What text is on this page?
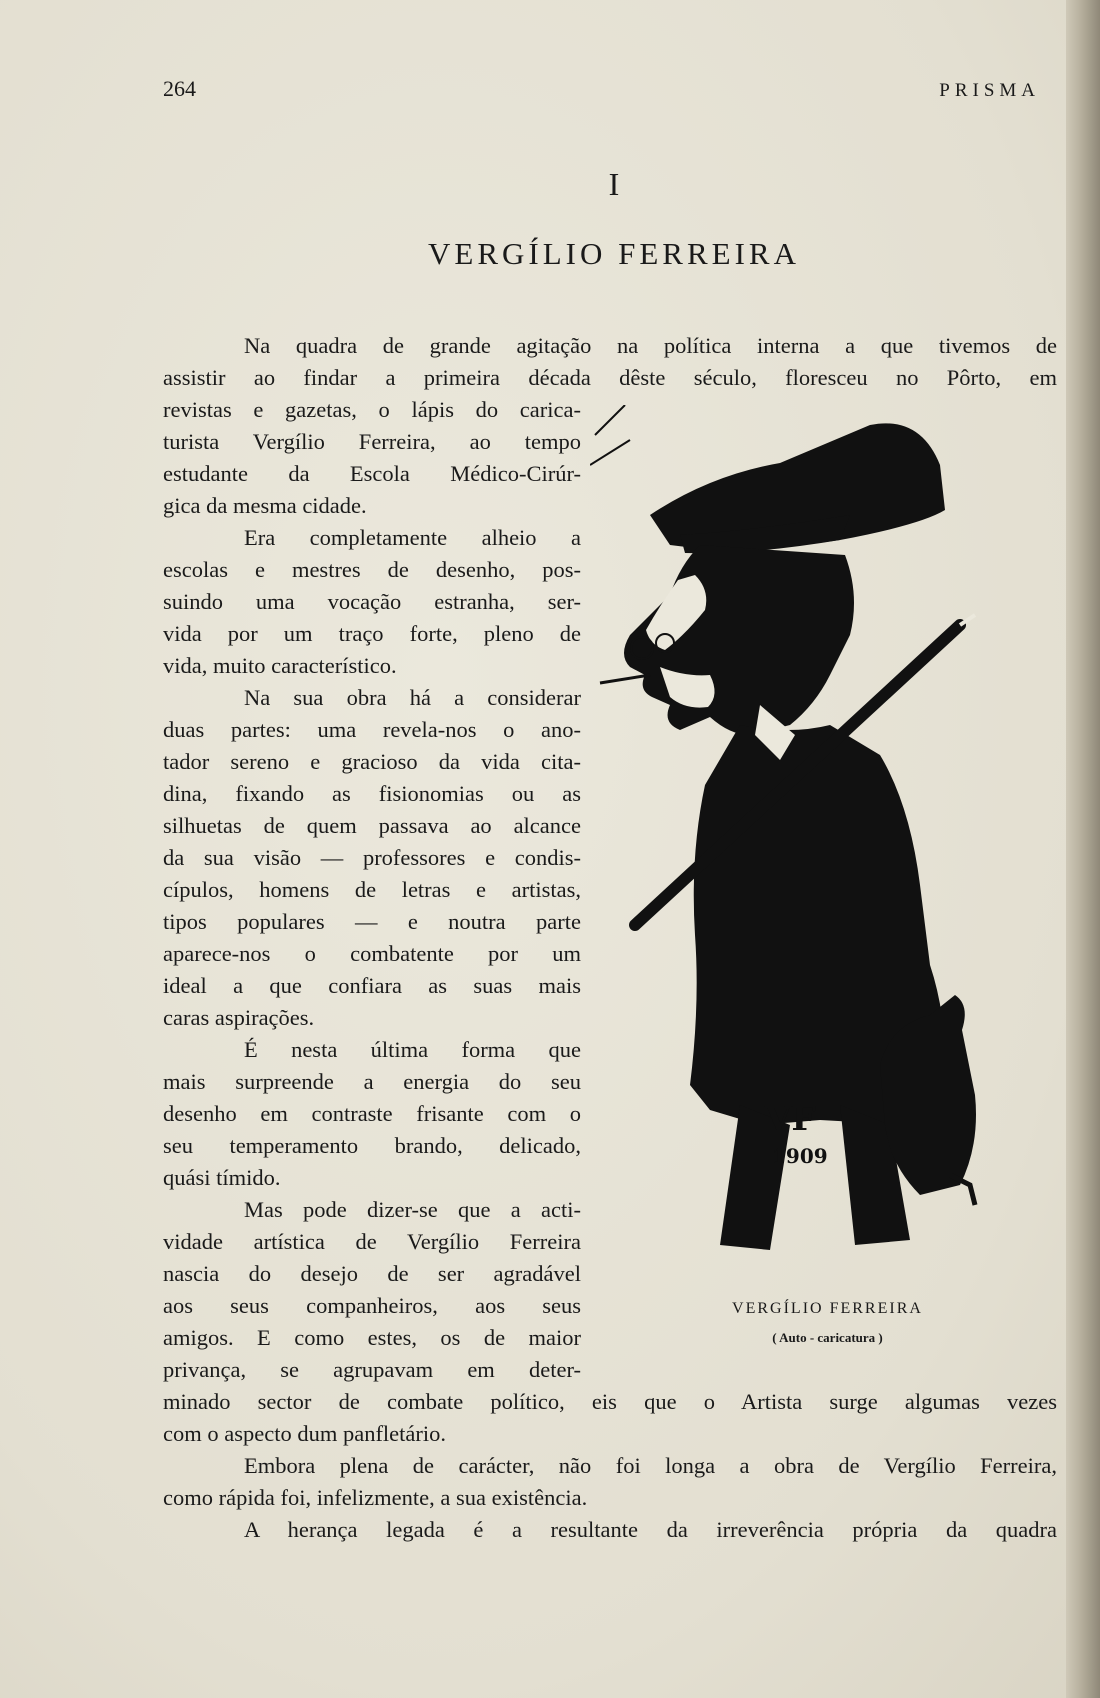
264	PRISMA
I
VERGÍLIO FERREIRA
Na quadra de grande agitação na política interna a que tivemos de
assistir ao findar a primeira década dêste século, floresceu no Pôrto, em
revistas e gazetas, o lápis do carica-
turista Vergílio Ferreira, ao tempo
estudante da Escola Médico-Cirúr-
gica da mesma cidade.
Era completamente alheio a
escolas e mestres de desenho, pos-
suindo uma vocação estranha, ser-
vida por um traço forte, pleno de
vida, muito característico.
Na sua obra há a considerar
duas partes: uma revela-nos o ano-
tador sereno e gracioso da vida cita-
dina, fixando as fisionomias ou as
silhuetas de quem passava ao alcance
da sua visão — professores e condis-
cípulos, homens de letras e artistas,
tipos populares — e noutra parte
aparece-nos o combatente por um
ideal a que confiara as suas mais
caras aspirações.
É nesta última forma que
mais surpreende a energia do seu
desenho em contraste frisante com o
seu temperamento brando, delicado,
quási tímido.
Mas pode dizer-se que a acti-
vidade artística de Vergílio Ferreira
nascia do desejo de ser agradável
aos seus companheiros, aos seus
amigos. E como estes, os de maior
privança, se agrupavam em deter-
minado sector de combate político, eis que o Artista surge algumas vezes
com o aspecto dum panfletário.
Embora plena de carácter, não foi longa a obra de Vergílio Ferreira,
como rápida foi, infelizmente, a sua existência.
A herança legada é a resultante da irreverência própria da quadra
VF
1909
VERGÍLIO FERREIRA
( Auto - caricatura )
